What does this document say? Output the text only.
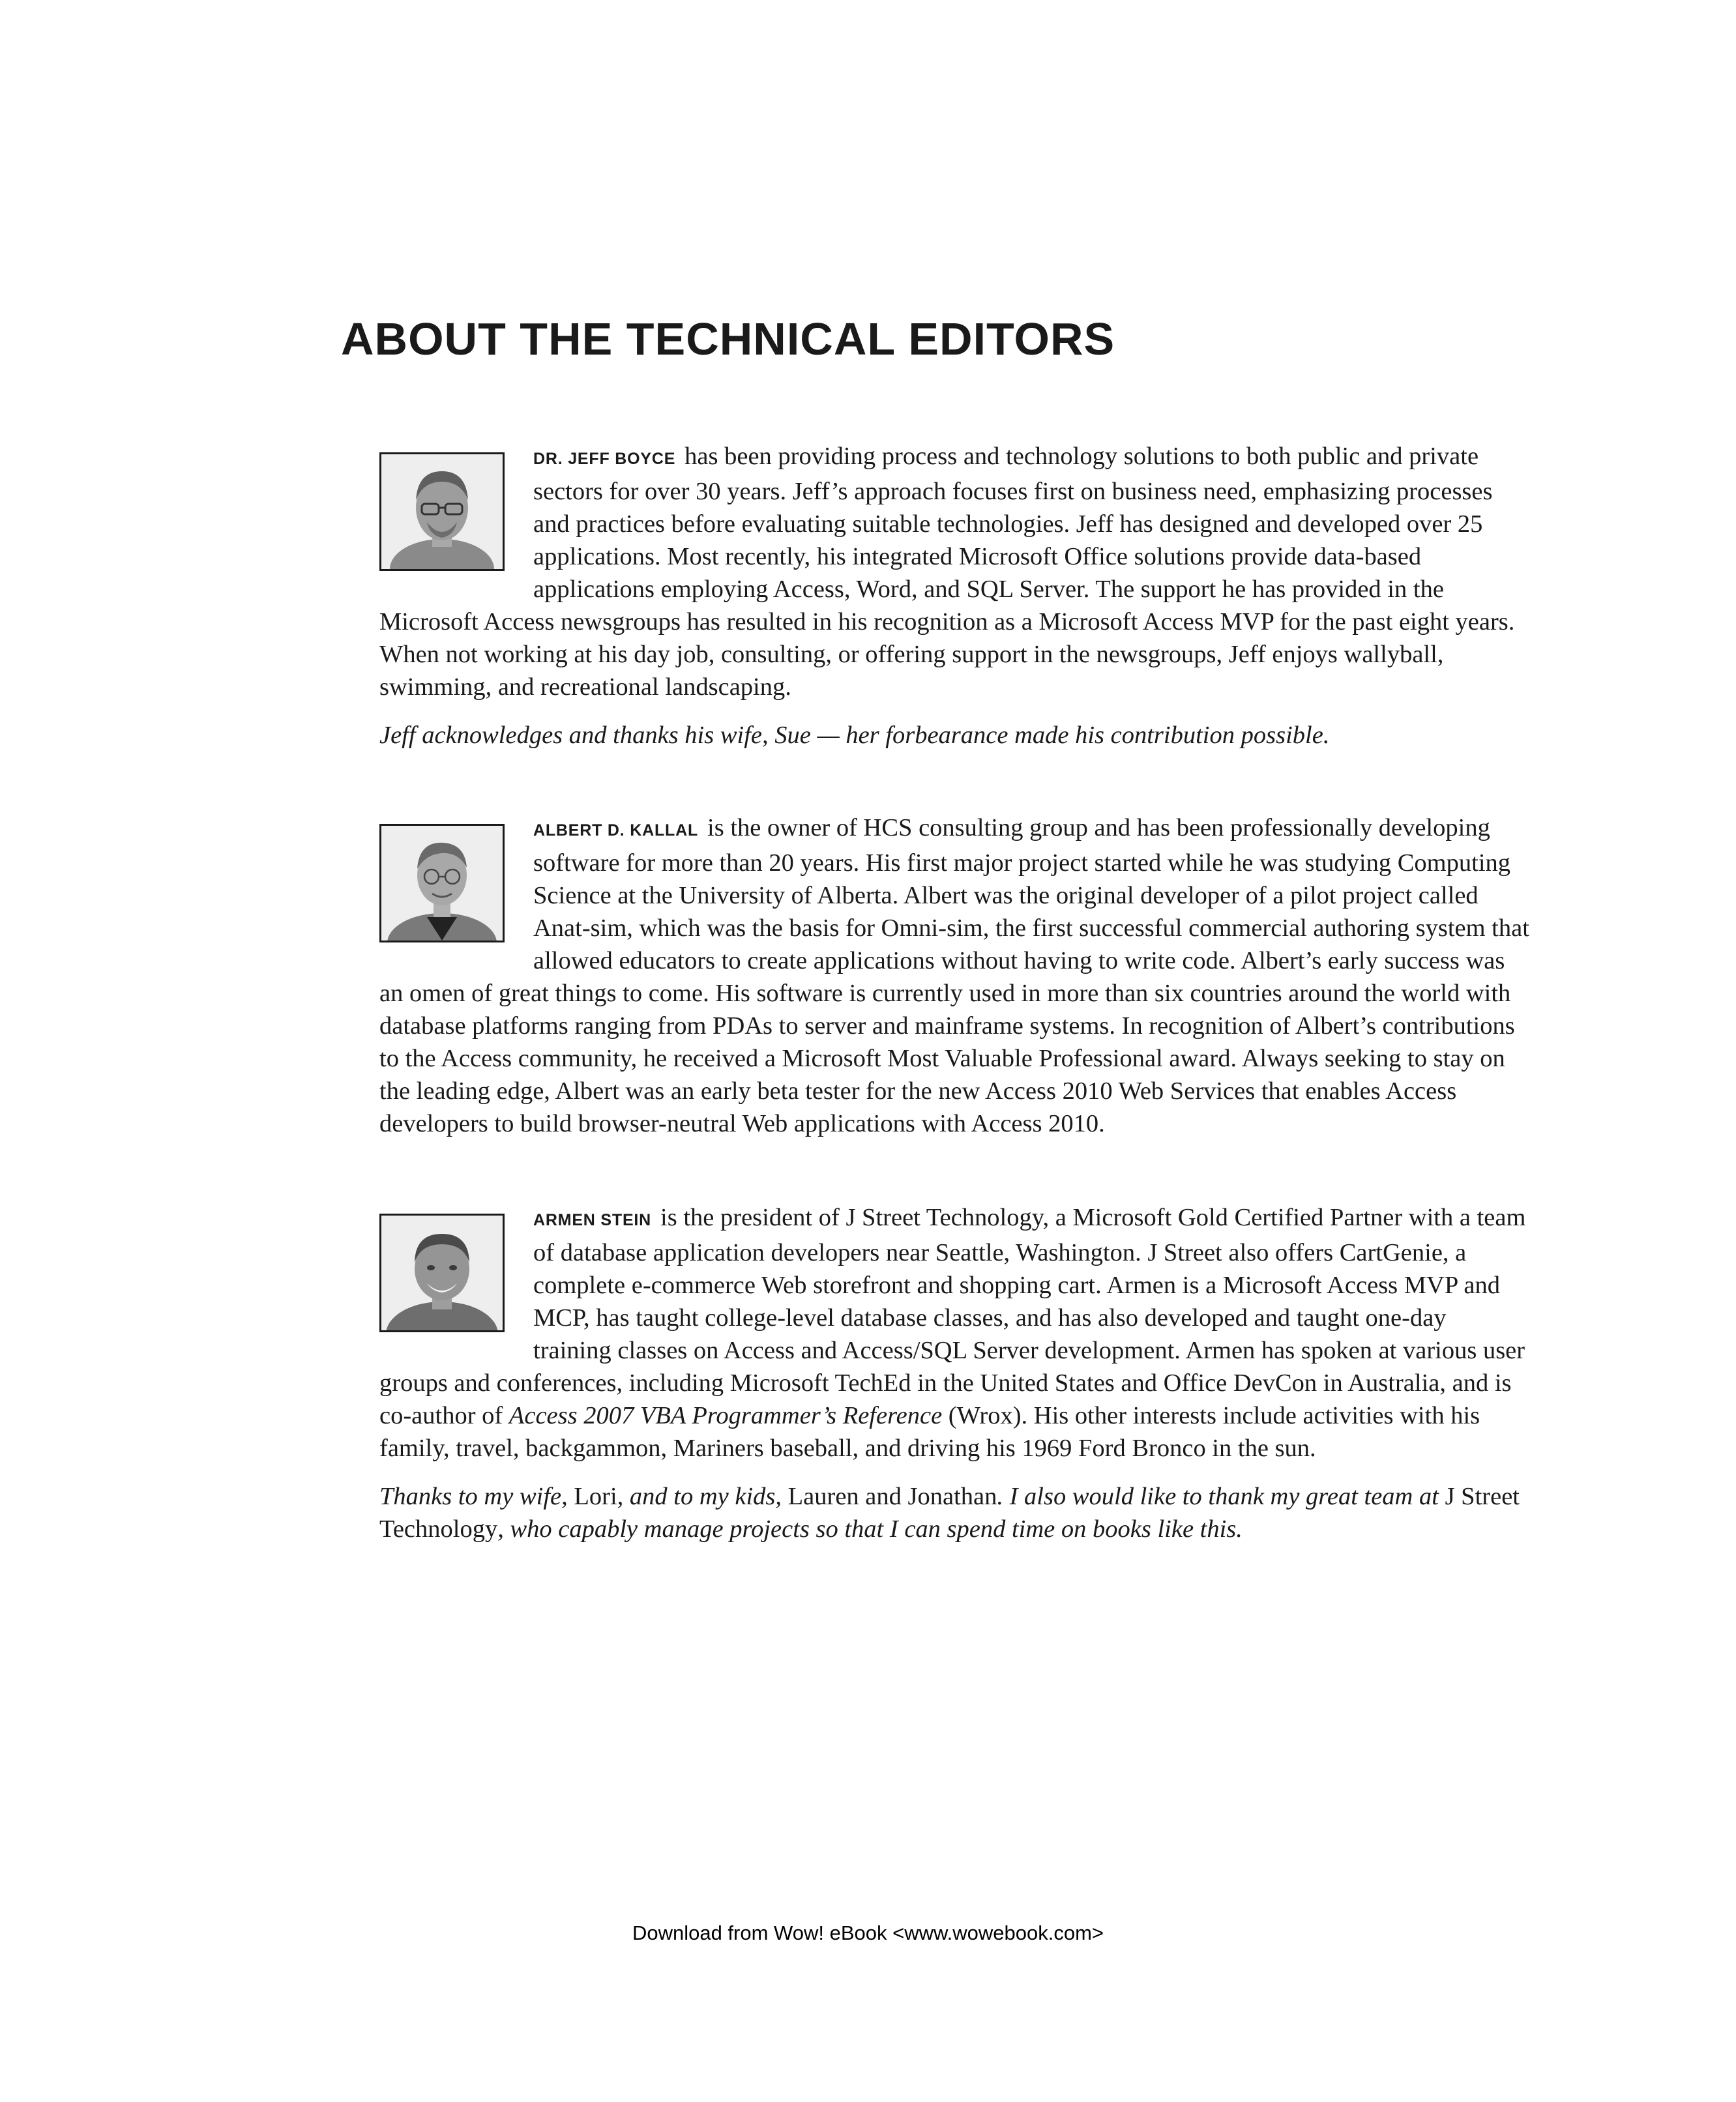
ABOUT THE TECHNICAL EDITORS

DR. JEFF BOYCE has been providing process and technology solutions to both public and private sectors for over 30 years. Jeff’s approach focuses first on business need, emphasizing processes and practices before evaluating suitable technologies. Jeff has designed and developed over 25 applications. Most recently, his integrated Microsoft Office solutions provide data-based applications employing Access, Word, and SQL Server. The support he has provided in the Microsoft Access newsgroups has resulted in his recognition as a Microsoft Access MVP for the past eight years. When not working at his day job, consulting, or offering support in the newsgroups, Jeff enjoys wallyball, swimming, and recreational landscaping.

Jeff acknowledges and thanks his wife, Sue — her forbearance made his contribution possible.

ALBERT D. KALLAL is the owner of HCS consulting group and has been professionally developing software for more than 20 years. His first major project started while he was studying Computing Science at the University of Alberta. Albert was the original developer of a pilot project called Anat-sim, which was the basis for Omni-sim, the first successful commercial authoring system that allowed educators to create applications without having to write code. Albert’s early success was an omen of great things to come. His software is currently used in more than six countries around the world with database platforms ranging from PDAs to server and mainframe systems. In recognition of Albert’s contributions to the Access community, he received a Microsoft Most Valuable Professional award. Always seeking to stay on the leading edge, Albert was an early beta tester for the new Access 2010 Web Services that enables Access developers to build browser-neutral Web applications with Access 2010.

ARMEN STEIN is the president of J Street Technology, a Microsoft Gold Certified Partner with a team of database application developers near Seattle, Washington. J Street also offers CartGenie, a complete e-commerce Web storefront and shopping cart. Armen is a Microsoft Access MVP and MCP, has taught college-level database classes, and has also developed and taught one-day training classes on Access and Access/SQL Server development. Armen has spoken at various user groups and conferences, including Microsoft TechEd in the United States and Office DevCon in Australia, and is co-author of Access 2007 VBA Programmer’s Reference (Wrox). His other interests include activities with his family, travel, backgammon, Mariners baseball, and driving his 1969 Ford Bronco in the sun.

Thanks to my wife, Lori, and to my kids, Lauren and Jonathan. I also would like to thank my great team at J Street Technology, who capably manage projects so that I can spend time on books like this.

Download from Wow! eBook <www.wowebook.com>
